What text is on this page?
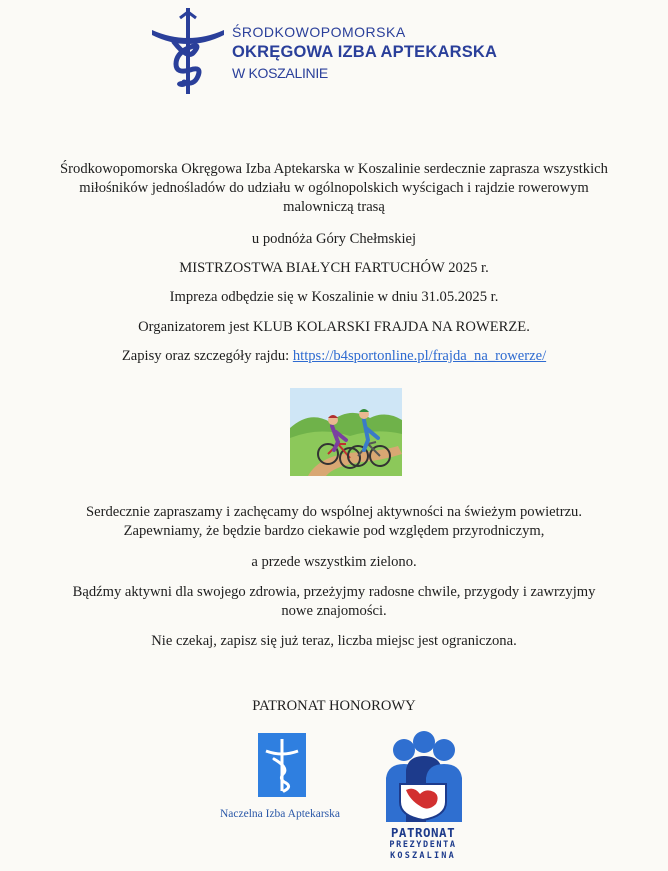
ŚRODKOWOPOMORSKA
OKRĘGOWA IZBA APTEKARSKA
W KOSZALINIE
Środkowopomorska Okręgowa Izba Aptekarska w Koszalinie serdecznie zaprasza wszystkich
miłośników jednośladów do udziału w ogólnopolskich wyścigach i rajdzie rowerowym
malowniczą trasą
u podnóża Góry Chełmskiej
MISTRZOSTWA BIAŁYCH FARTUCHÓW 2025 r.
Impreza odbędzie się w Koszalinie w dniu 31.05.2025 r.
Organizatorem jest KLUB KOLARSKI FRAJDA NA ROWERZE.
Zapisy oraz szczegóły rajdu: https://b4sportonline.pl/frajda_na_rowerze/
Serdecznie zapraszamy i zachęcamy do wspólnej aktywności na świeżym powietrzu.
Zapewniamy, że będzie bardzo ciekawie pod względem przyrodniczym,
a przede wszystkim zielono.
Bądźmy aktywni dla swojego zdrowia, przeżyjmy radosne chwile, przygody i zawrzyjmy
nowe znajomości.
Nie czekaj, zapisz się już teraz, liczba miejsc jest ograniczona.
PATRONAT HONOROWY
Naczelna Izba Aptekarska
PATRONAT
PREZYDENTA
KOSZALINA
